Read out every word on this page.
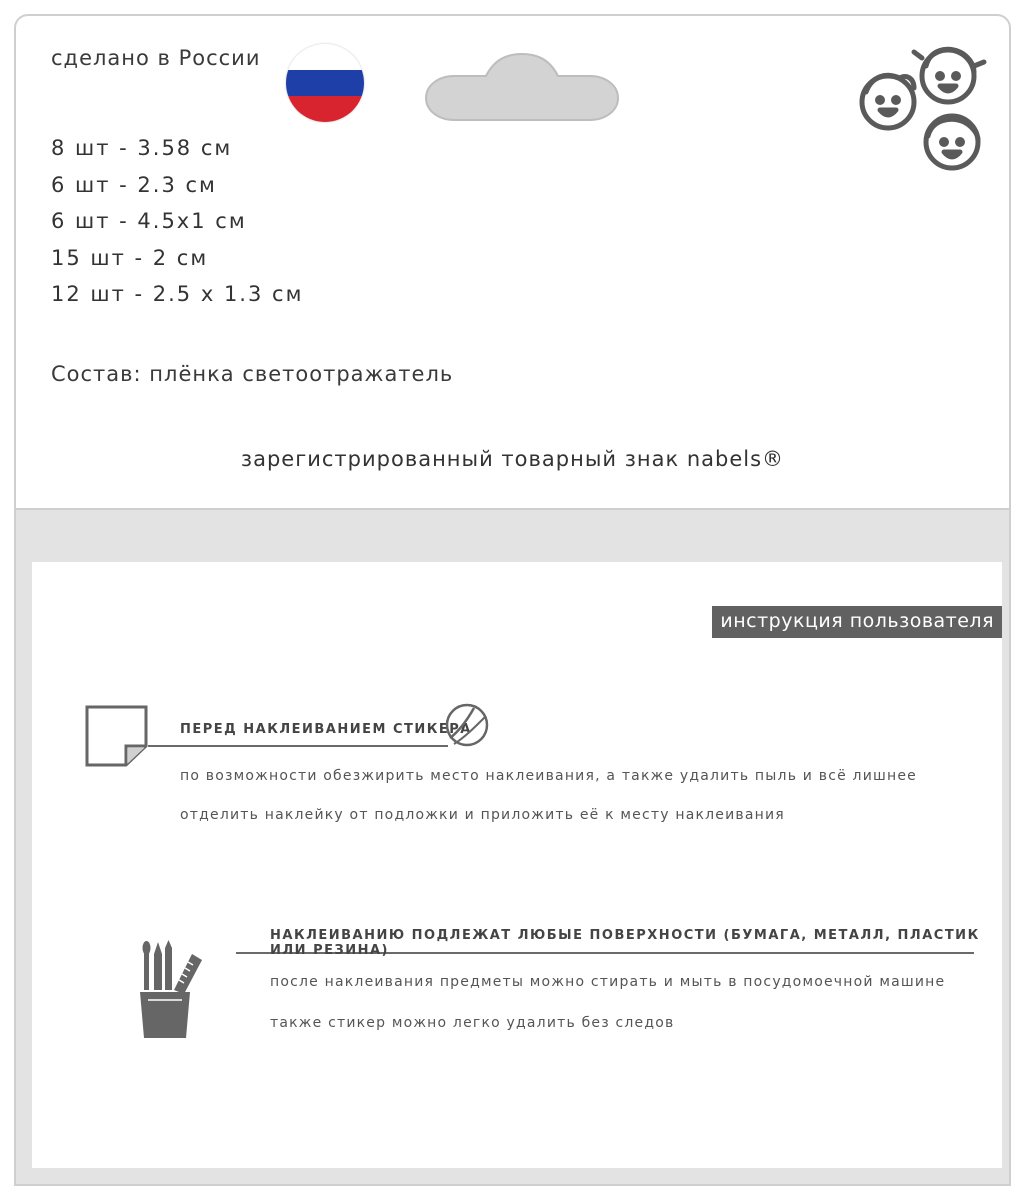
сделано в России
8 шт - 3.58 см
6 шт - 2.3 см
6 шт - 4.5x1 см
15 шт - 2 см
12 шт - 2.5 х 1.3 см
Состав: плёнка светоотражатель
зарегистрированный товарный знак nabels®
инструкция пользователя
ПЕРЕД НАКЛЕИВАНИЕМ СТИКЕРА
по возможности обезжирить место наклеивания, а также удалить пыль и всё лишнее
отделить наклейку от подложки и приложить её к месту наклеивания
НАКЛЕИВАНИЮ ПОДЛЕЖАТ ЛЮБЫЕ ПОВЕРХНОСТИ (БУМАГА, МЕТАЛЛ, ПЛАСТИК ИЛИ РЕЗИНА)
после наклеивания предметы можно стирать и мыть в посудомоечной машине
также стикер можно легко удалить без следов
